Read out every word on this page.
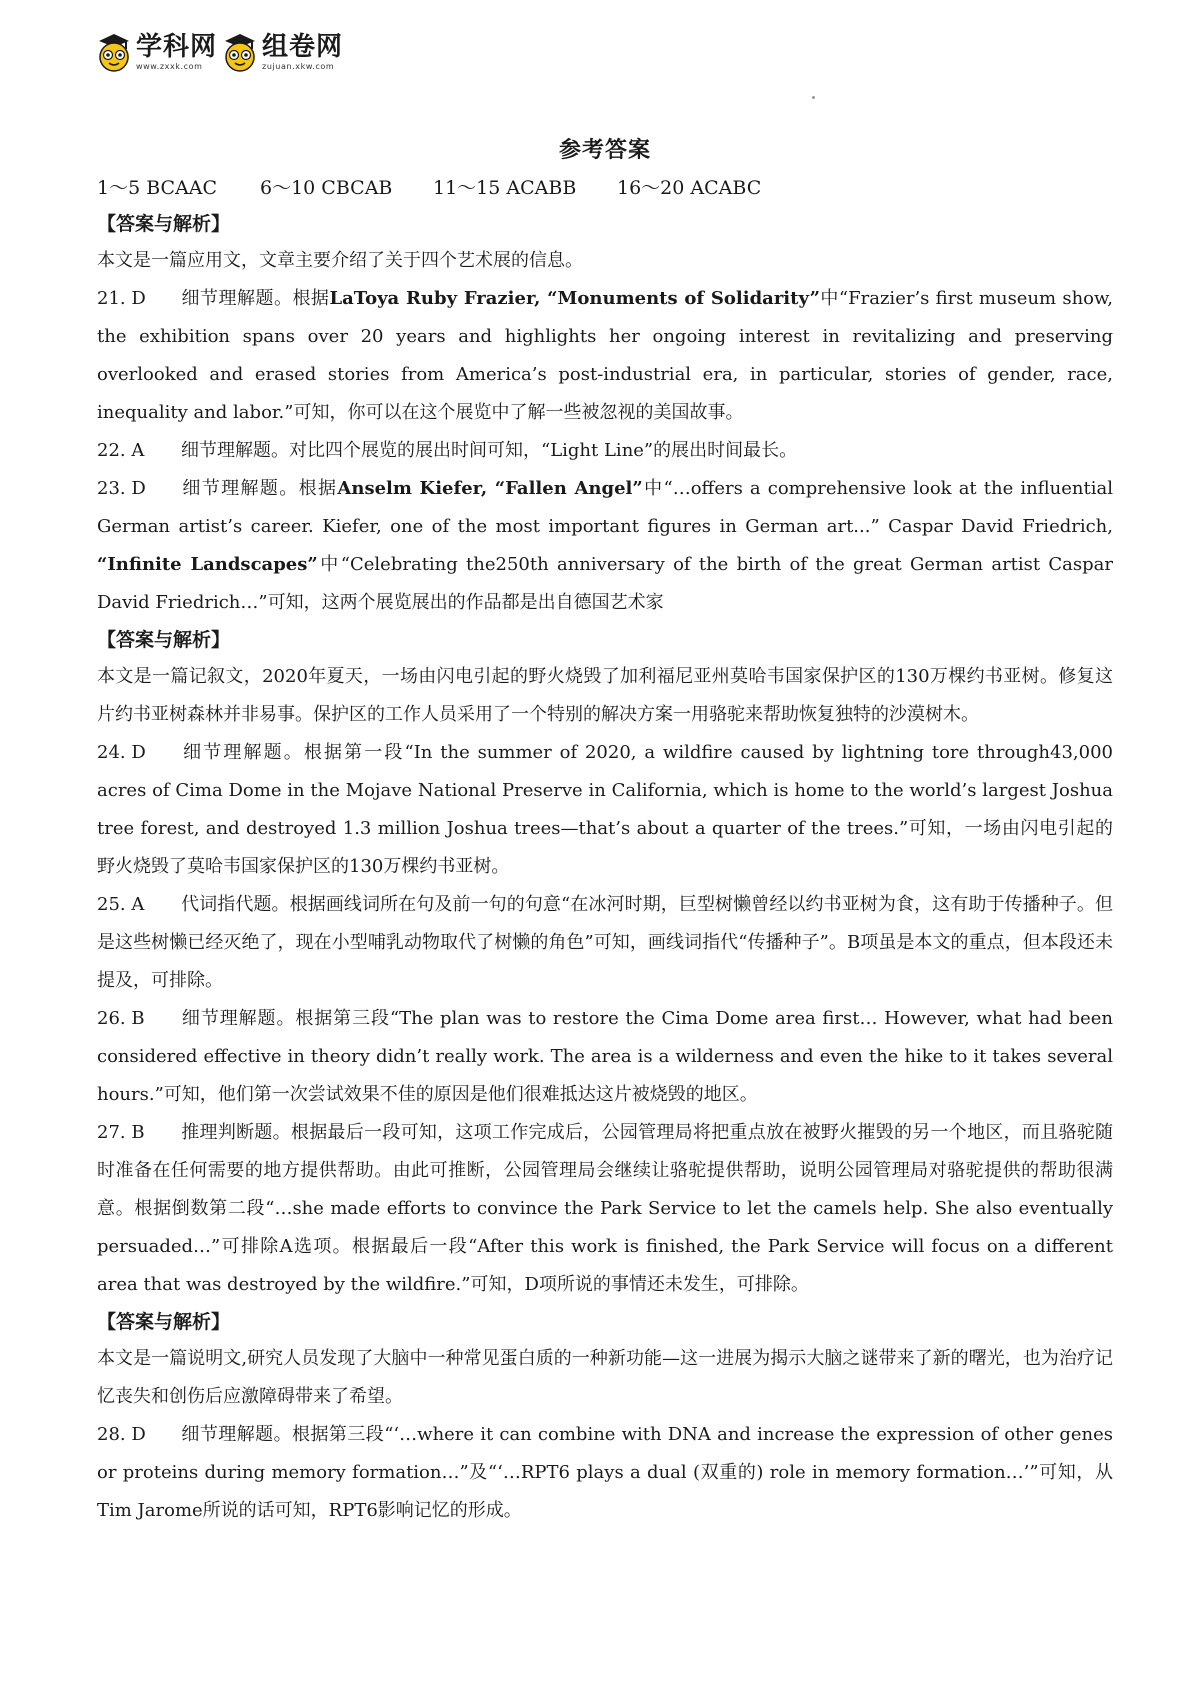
学科网
www.zxxk.com
组卷网
zujuan.xkw.com
参考答案
1～5 BCAAC	6～10 CBCAB	11～15 ACABB	16～20 ACABC
【答案与解析】

本文是一篇应用文，文章主要介绍了关于四个艺术展的信息。

21. D 细节理解题。根据LaToya Ruby Frazier, “Monuments of Solidarity”中“Frazier’s first museum show, the exhibition spans over 20 years and highlights her ongoing interest in revitalizing and preserving overlooked and erased stories from America’s post-industrial era, in particular, stories of gender, race, inequality and labor.”可知，你可以在这个展览中了解一些被忽视的美国故事。

22. A 细节理解题。对比四个展览的展出时间可知，“Light Line”的展出时间最长。

23. D 细节理解题。根据Anselm Kiefer, “Fallen Angel”中“…offers a comprehensive look at the influential German artist’s career. Kiefer, one of the most important figures in German art...” Caspar David Friedrich, “Infinite Landscapes”中“Celebrating the250th anniversary of the birth of the great German artist Caspar David Friedrich…”可知，这两个展览展出的作品都是出自德国艺术家

【答案与解析】

本文是一篇记叙文，2020年夏天，一场由闪电引起的野火烧毁了加利福尼亚州莫哈韦国家保护区的130万棵约书亚树。修复这片约书亚树森林并非易事。保护区的工作人员采用了一个特别的解决方案一用骆驼来帮助恢复独特的沙漠树木。

24. D 细节理解题。根据第一段“In the summer of 2020, a wildfire caused by lightning tore through43,000 acres of Cima Dome in the Mojave National Preserve in California, which is home to the world’s largest Joshua tree forest, and destroyed 1.3 million Joshua trees—that’s about a quarter of the trees.”可知，一场由闪电引起的野火烧毁了莫哈韦国家保护区的130万棵约书亚树。

25. A 代词指代题。根据画线词所在句及前一句的句意“在冰河时期，巨型树懒曾经以约书亚树为食，这有助于传播种子。但是这些树懒已经灭绝了，现在小型哺乳动物取代了树懒的角色”可知，画线词指代“传播种子”。B项虽是本文的重点，但本段还未提及，可排除。

26. B 细节理解题。根据第三段“The plan was to restore the Cima Dome area first… However, what had been considered effective in theory didn’t really work. The area is a wilderness and even the hike to it takes several hours.”可知，他们第一次尝试效果不佳的原因是他们很难抵达这片被烧毁的地区。

27. B 推理判断题。根据最后一段可知，这项工作完成后，公园管理局将把重点放在被野火摧毁的另一个地区，而且骆驼随时准备在任何需要的地方提供帮助。由此可推断，公园管理局会继续让骆驼提供帮助，说明公园管理局对骆驼提供的帮助很满意。根据倒数第二段“…she made efforts to convince the Park Service to let the camels help. She also eventually persuaded…”可排除A选项。根据最后一段“After this work is finished, the Park Service will focus on a different area that was destroyed by the wildfire.”可知，D项所说的事情还未发生，可排除。

【答案与解析】

本文是一篇说明文,研究人员发现了大脑中一种常见蛋白质的一种新功能—这一进展为揭示大脑之谜带来了新的曙光，也为治疗记忆丧失和创伤后应激障碍带来了希望。

28. D 细节理解题。根据第三段“‘…where it can combine with DNA and increase the expression of other genes or proteins during memory formation…”及“‘…RPT6 plays a dual (双重的) role in memory formation…’”可知，从Tim Jarome所说的话可知，RPT6影响记忆的形成。
